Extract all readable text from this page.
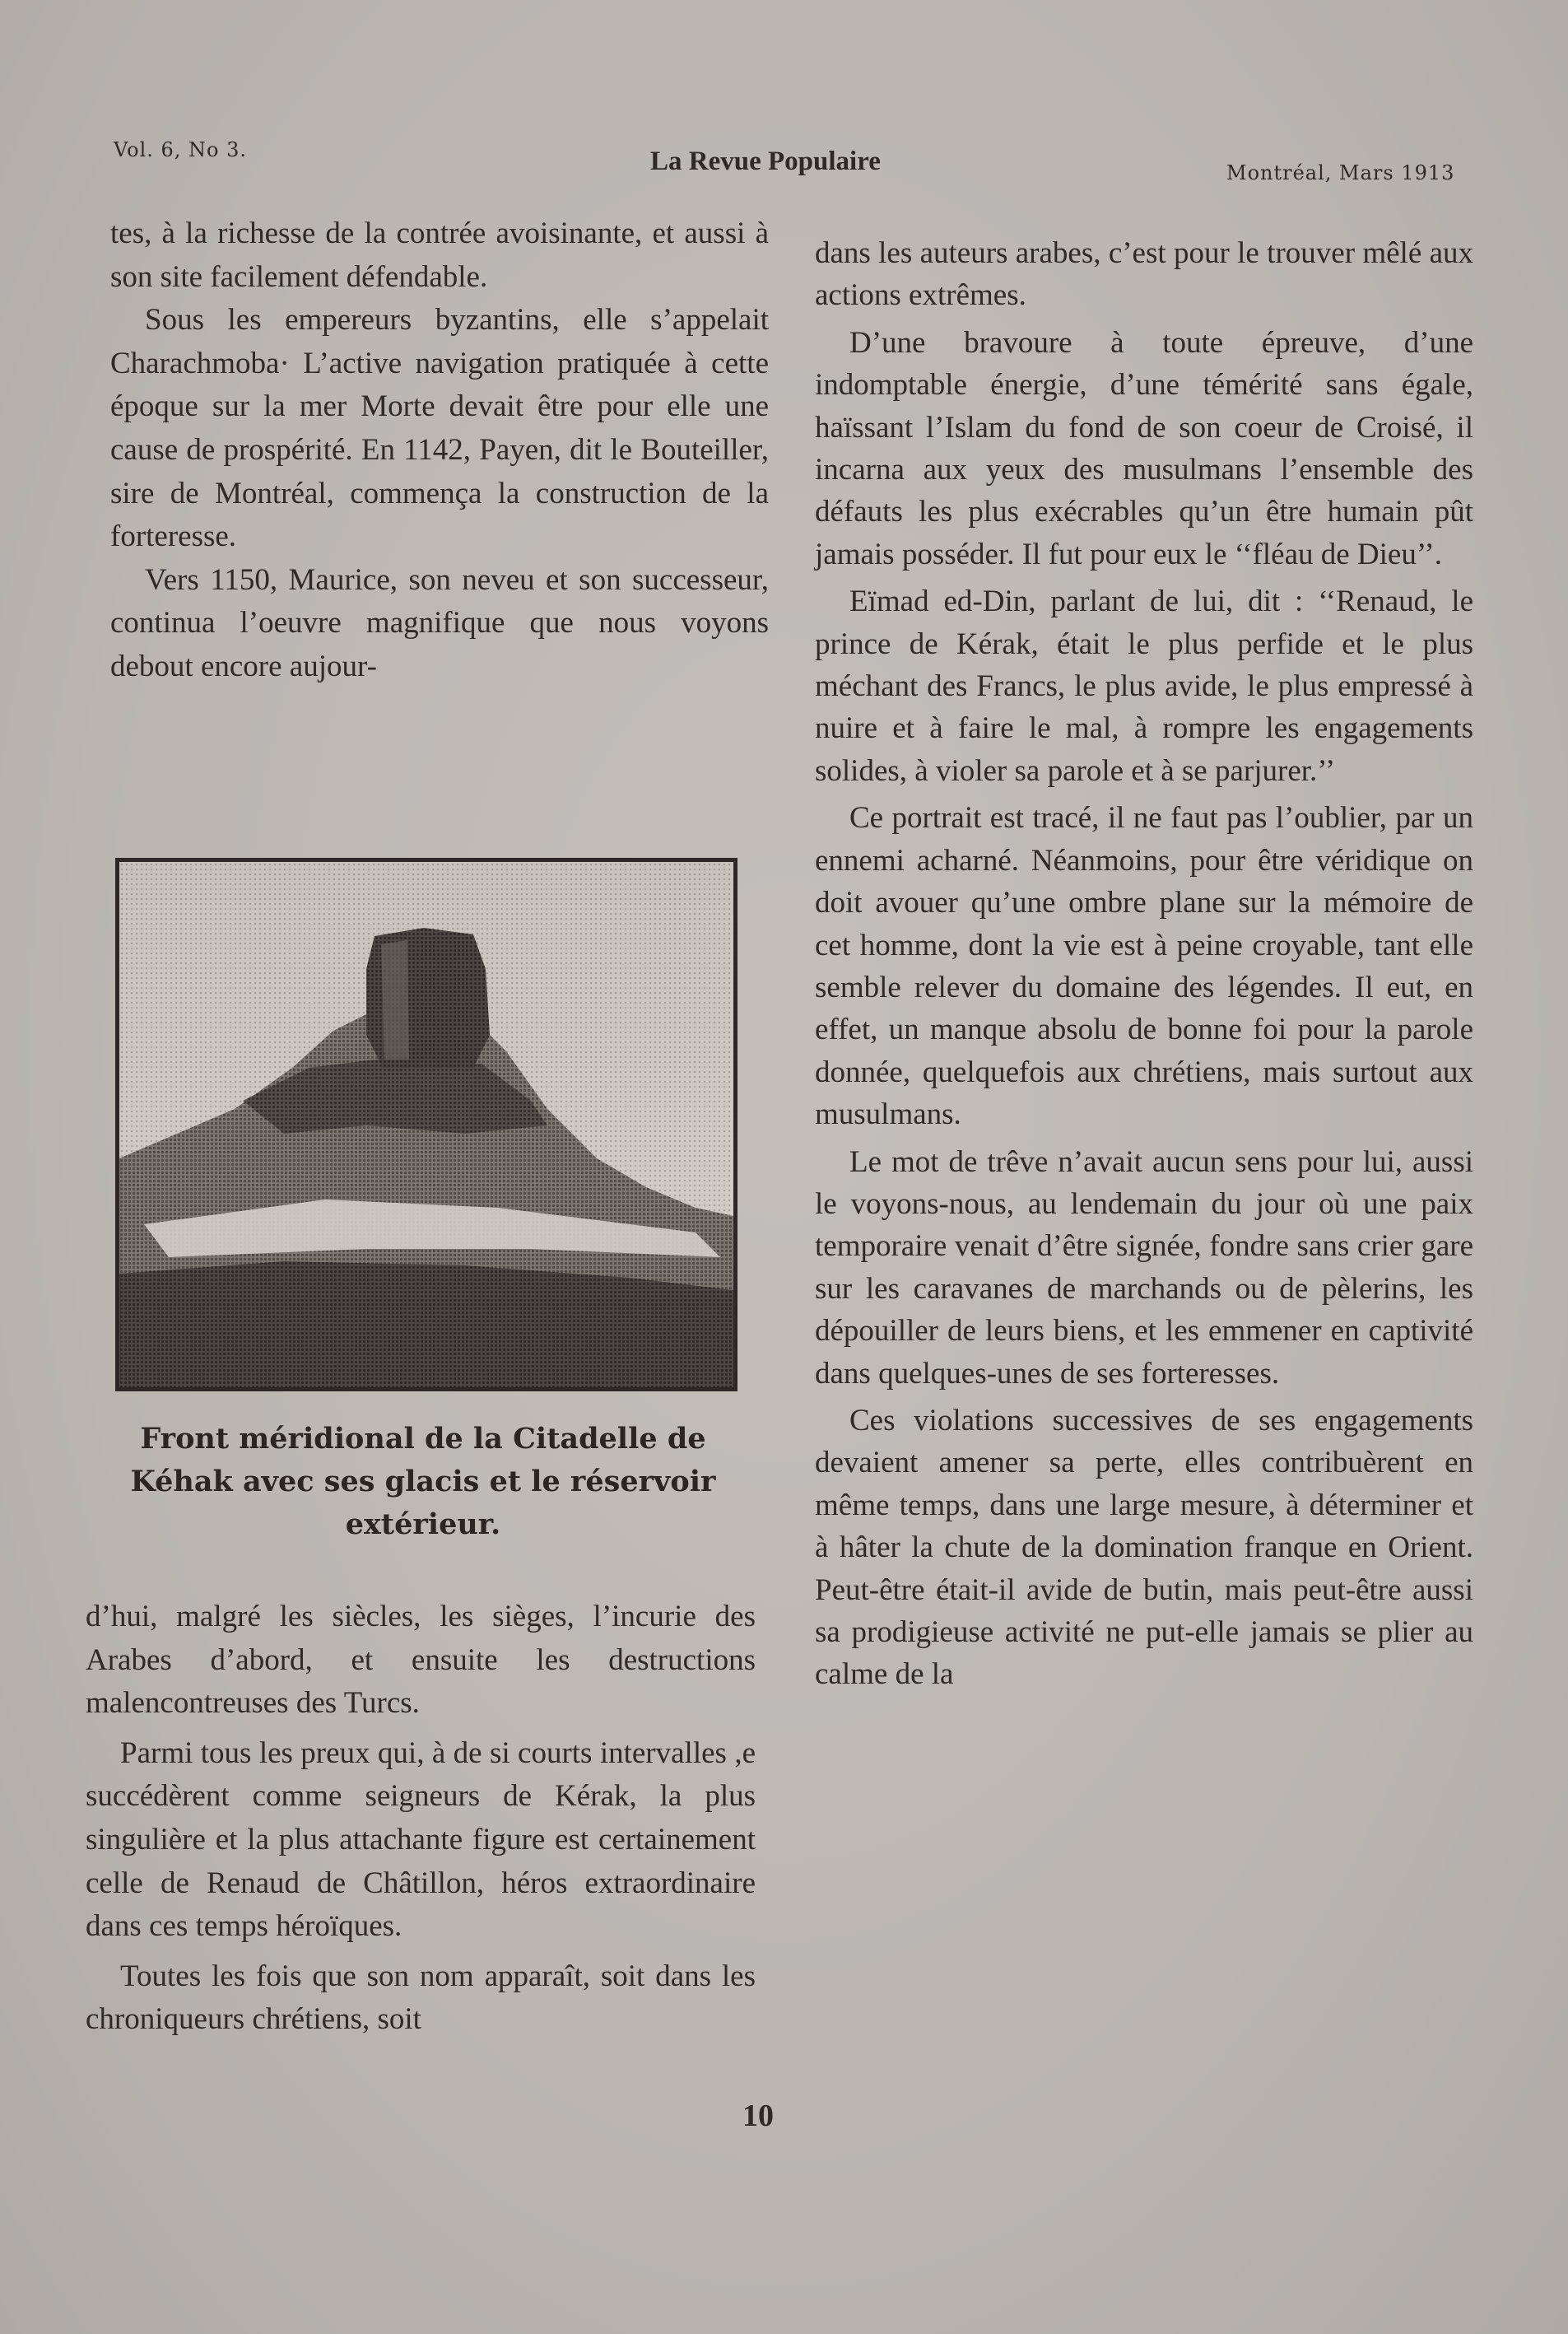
Vol. 6, No 3.	La Revue Populaire	Montréal, Mars 1913

tes, à la richesse de la contrée avoisinante, et aussi à son site facilement défendable.

Sous les empereurs byzantins, elle s’appelait Charachmoba· L’active navigation pratiquée à cette époque sur la mer Morte devait être pour elle une cause de prospérité. En 1142, Payen, dit le Bouteiller, sire de Montréal, commença la construction de la forteresse.

Vers 1150, Maurice, son neveu et son successeur, continua l’oeuvre magnifique que nous voyons debout encore aujour-

Front méridional de la Citadelle de Kéhak avec ses glacis et le réservoir extérieur.

d’hui, malgré les siècles, les sièges, l’incurie des Arabes d’abord, et ensuite les destructions malencontreuses des Turcs.

Parmi tous les preux qui, à de si courts intervalles ,e succédèrent comme seigneurs de Kérak, la plus singulière et la plus attachante figure est certainement celle de Renaud de Châtillon, héros extraordinaire dans ces temps héroïques.

Toutes les fois que son nom apparaît, soit dans les chroniqueurs chrétiens, soit

dans les auteurs arabes, c’est pour le trouver mêlé aux actions extrêmes.

D’une bravoure à toute épreuve, d’une indomptable énergie, d’une témérité sans égale, haïssant l’Islam du fond de son coeur de Croisé, il incarna aux yeux des musulmans l’ensemble des défauts les plus exécrables qu’un être humain pût jamais posséder. Il fut pour eux le ‘‘fléau de Dieu’’.

Eïmad ed-Din, parlant de lui, dit : ‘‘Renaud, le prince de Kérak, était le plus perfide et le plus méchant des Francs, le plus avide, le plus empressé à nuire et à faire le mal, à rompre les engagements solides, à violer sa parole et à se parjurer.’’

Ce portrait est tracé, il ne faut pas l’oublier, par un ennemi acharné. Néanmoins, pour être véridique on doit avouer qu’une ombre plane sur la mémoire de cet homme, dont la vie est à peine croyable, tant elle semble relever du domaine des légendes. Il eut, en effet, un manque absolu de bonne foi pour la parole donnée, quelquefois aux chrétiens, mais surtout aux musulmans.

Le mot de trêve n’avait aucun sens pour lui, aussi le voyons-nous, au lendemain du jour où une paix temporaire venait d’être signée, fondre sans crier gare sur les caravanes de marchands ou de pèlerins, les dépouiller de leurs biens, et les emmener en captivité dans quelques-unes de ses forteresses.

Ces violations successives de ses engagements devaient amener sa perte, elles contribuèrent en même temps, dans une large mesure, à déterminer et à hâter la chute de la domination franque en Orient. Peut-être était-il avide de butin, mais peut-être aussi sa prodigieuse activité ne put-elle jamais se plier au calme de la

10
